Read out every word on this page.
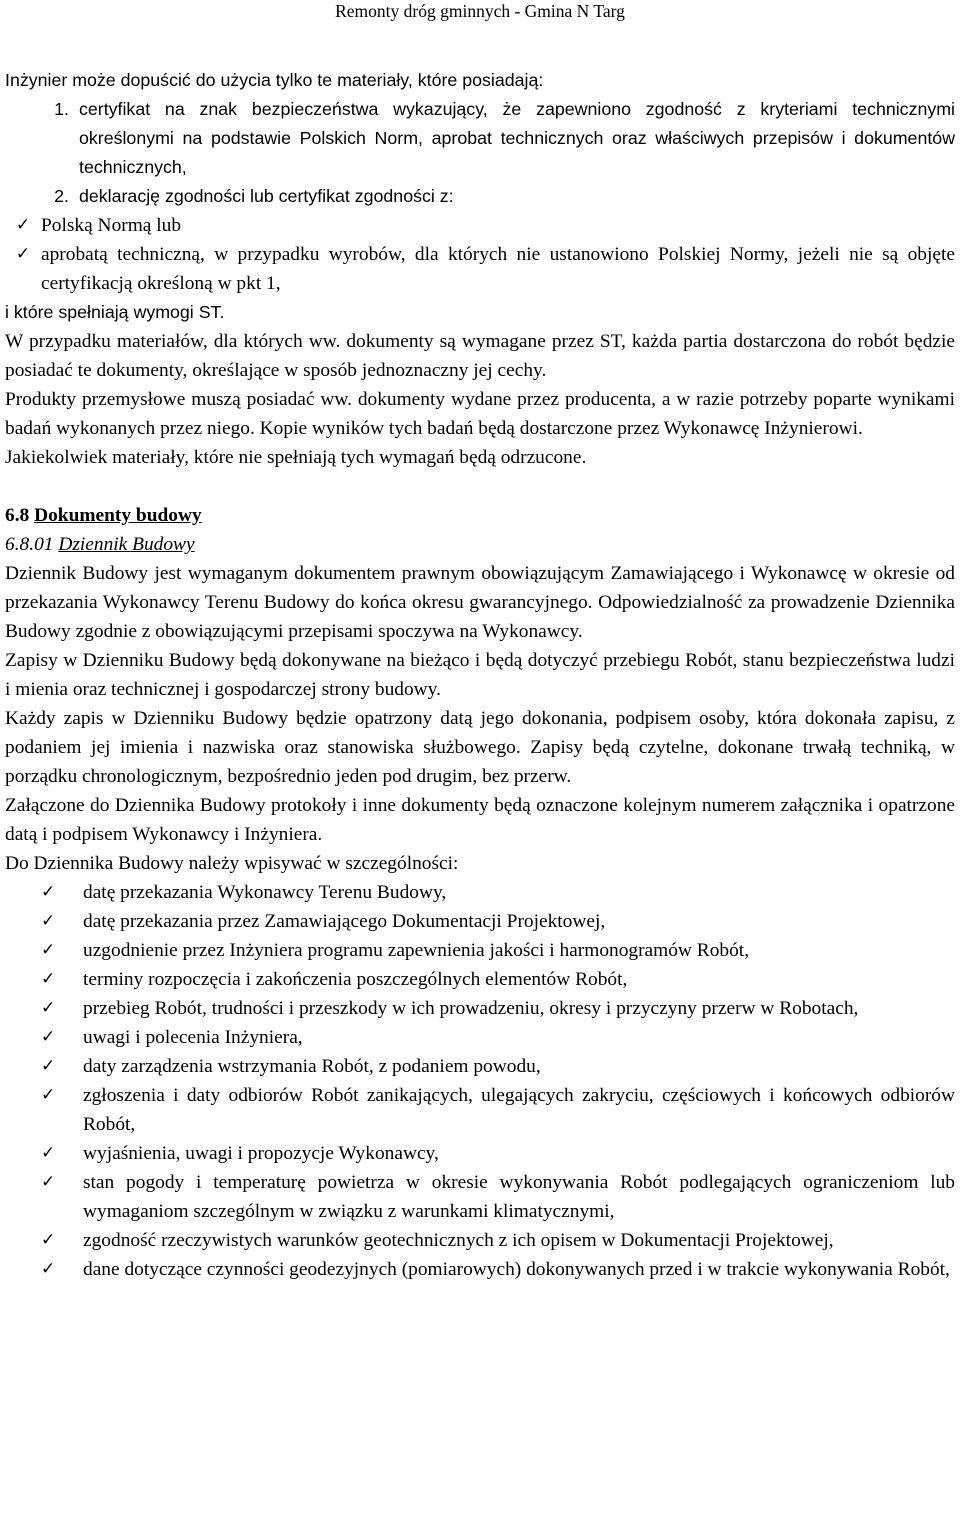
Remonty dróg gminnych - Gmina N Targ

Inżynier może dopuścić do użycia tylko te materiały, które posiadają:

1. certyfikat na znak bezpieczeństwa wykazujący, że zapewniono zgodność z kryteriami technicznymi określonymi na podstawie Polskich Norm, aprobat technicznych oraz właściwych przepisów i dokumentów technicznych,
2. deklarację zgodności lub certyfikat zgodności z:
✓ Polską Normą lub
✓ aprobatą techniczną, w przypadku wyrobów, dla których nie ustanowiono Polskiej Normy, jeżeli nie są objęte certyfikacją określoną w pkt 1,

i które spełniają wymogi ST.

W przypadku materiałów, dla których ww. dokumenty są wymagane przez ST, każda partia dostarczona do robót będzie posiadać te dokumenty, określające w sposób jednoznaczny jej cechy.

Produkty przemysłowe muszą posiadać ww. dokumenty wydane przez producenta, a w razie potrzeby poparte wynikami badań wykonanych przez niego. Kopie wyników tych badań będą dostarczone przez Wykonawcę Inżynierowi.

Jakiekolwiek materiały, które nie spełniają tych wymagań będą odrzucone.

6.8 Dokumenty budowy

6.8.01 Dziennik Budowy

Dziennik Budowy jest wymaganym dokumentem prawnym obowiązującym Zamawiającego i Wykonawcę w okresie od przekazania Wykonawcy Terenu Budowy do końca okresu gwarancyjnego. Odpowiedzialność za prowadzenie Dziennika Budowy zgodnie z obowiązującymi przepisami spoczywa na Wykonawcy.

Zapisy w Dzienniku Budowy będą dokonywane na bieżąco i będą dotyczyć przebiegu Robót, stanu bezpieczeństwa ludzi i mienia oraz technicznej i gospodarczej strony budowy.

Każdy zapis w Dzienniku Budowy będzie opatrzony datą jego dokonania, podpisem osoby, która dokonała zapisu, z podaniem jej imienia i nazwiska oraz stanowiska służbowego. Zapisy będą czytelne, dokonane trwałą techniką, w porządku chronologicznym, bezpośrednio jeden pod drugim, bez przerw.

Załączone do Dziennika Budowy protokoły i inne dokumenty będą oznaczone kolejnym numerem załącznika i opatrzone datą i podpisem Wykonawcy i Inżyniera.

Do Dziennika Budowy należy wpisywać w szczególności:

✓	datę przekazania Wykonawcy Terenu Budowy,
✓	datę przekazania przez Zamawiającego Dokumentacji Projektowej,
✓	uzgodnienie przez Inżyniera programu zapewnienia jakości i harmonogramów Robót,
✓	terminy rozpoczęcia i zakończenia poszczególnych elementów Robót,
✓	przebieg Robót, trudności i przeszkody w ich prowadzeniu, okresy i przyczyny przerw w Robotach,
✓	uwagi i polecenia Inżyniera,
✓	daty zarządzenia wstrzymania Robót, z podaniem powodu,
✓	zgłoszenia i daty odbiorów Robót zanikających, ulegających zakryciu, częściowych i końcowych odbiorów Robót,
✓	wyjaśnienia, uwagi i propozycje Wykonawcy,
✓	stan pogody i temperaturę powietrza w okresie wykonywania Robót podlegających ograniczeniom lub wymaganiom szczególnym w związku z warunkami klimatycznymi,
✓	zgodność rzeczywistych warunków geotechnicznych z ich opisem w Dokumentacji Projektowej,
✓	dane dotyczące czynności geodezyjnych (pomiarowych) dokonywanych przed i w trakcie wykonywania Robót,
